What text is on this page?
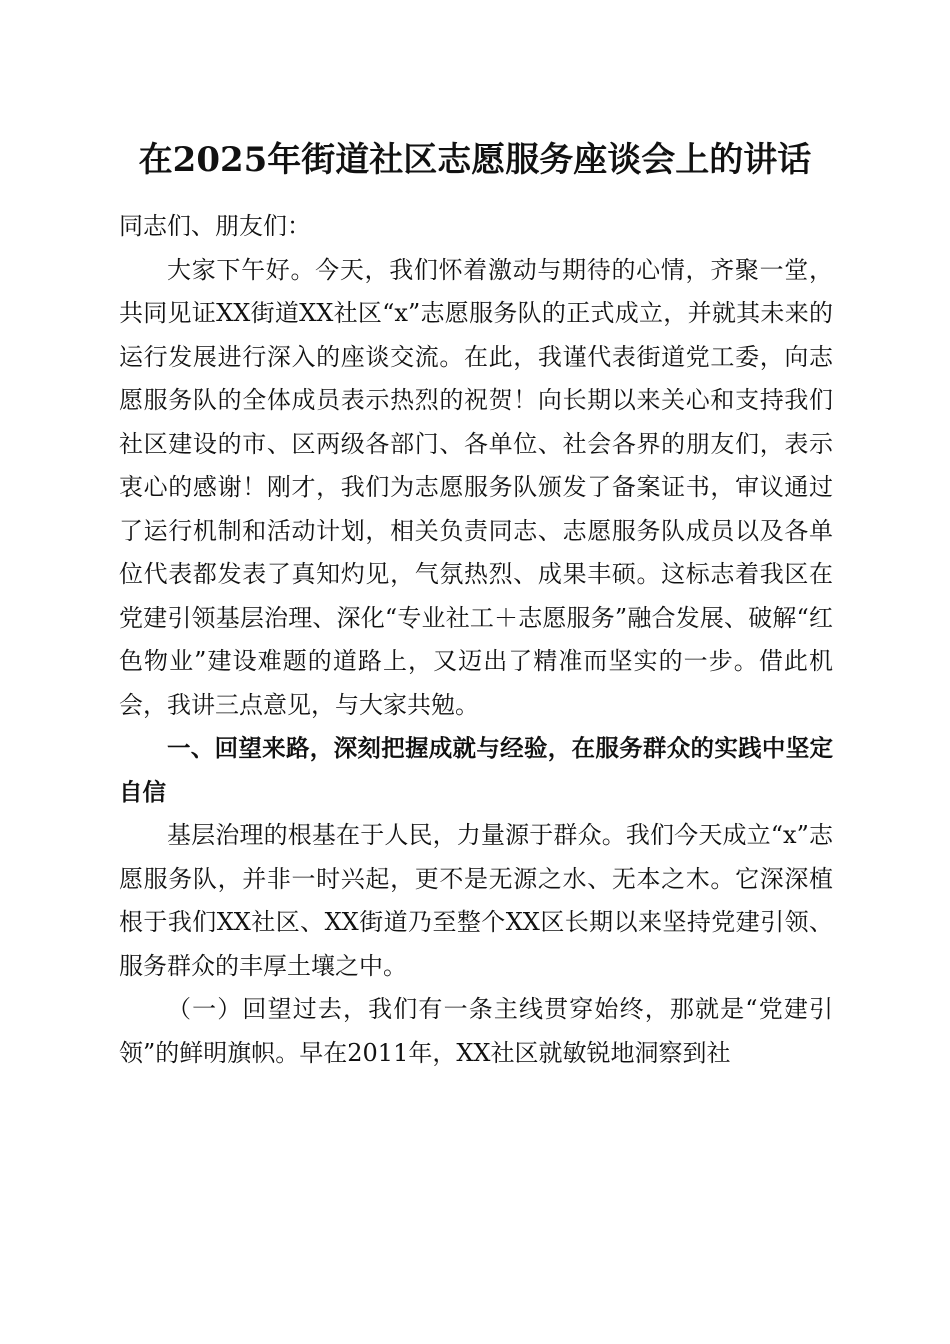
在2025年街道社区志愿服务座谈会上的讲话

同志们、朋友们：

大家下午好。今天，我们怀着激动与期待的心情，齐聚一堂，共同见证XX街道XX社区“x”志愿服务队的正式成立，并就其未来的运行发展进行深入的座谈交流。在此，我谨代表街道党工委，向志愿服务队的全体成员表示热烈的祝贺！向长期以来关心和支持我们社区建设的市、区两级各部门、各单位、社会各界的朋友们，表示衷心的感谢！刚才，我们为志愿服务队颁发了备案证书，审议通过了运行机制和活动计划，相关负责同志、志愿服务队成员以及各单位代表都发表了真知灼见，气氛热烈、成果丰硕。这标志着我区在党建引领基层治理、深化“专业社工＋志愿服务”融合发展、破解“红色物业”建设难题的道路上，又迈出了精准而坚实的一步。借此机会，我讲三点意见，与大家共勉。

一、回望来路，深刻把握成就与经验，在服务群众的实践中坚定自信

基层治理的根基在于人民，力量源于群众。我们今天成立“x”志愿服务队，并非一时兴起，更不是无源之水、无本之木。它深深植根于我们XX社区、XX街道乃至整个XX区长期以来坚持党建引领、服务群众的丰厚土壤之中。

（一）回望过去，我们有一条主线贯穿始终，那就是“党建引领”的鲜明旗帜。早在2011年，XX社区就敏锐地洞察到社
